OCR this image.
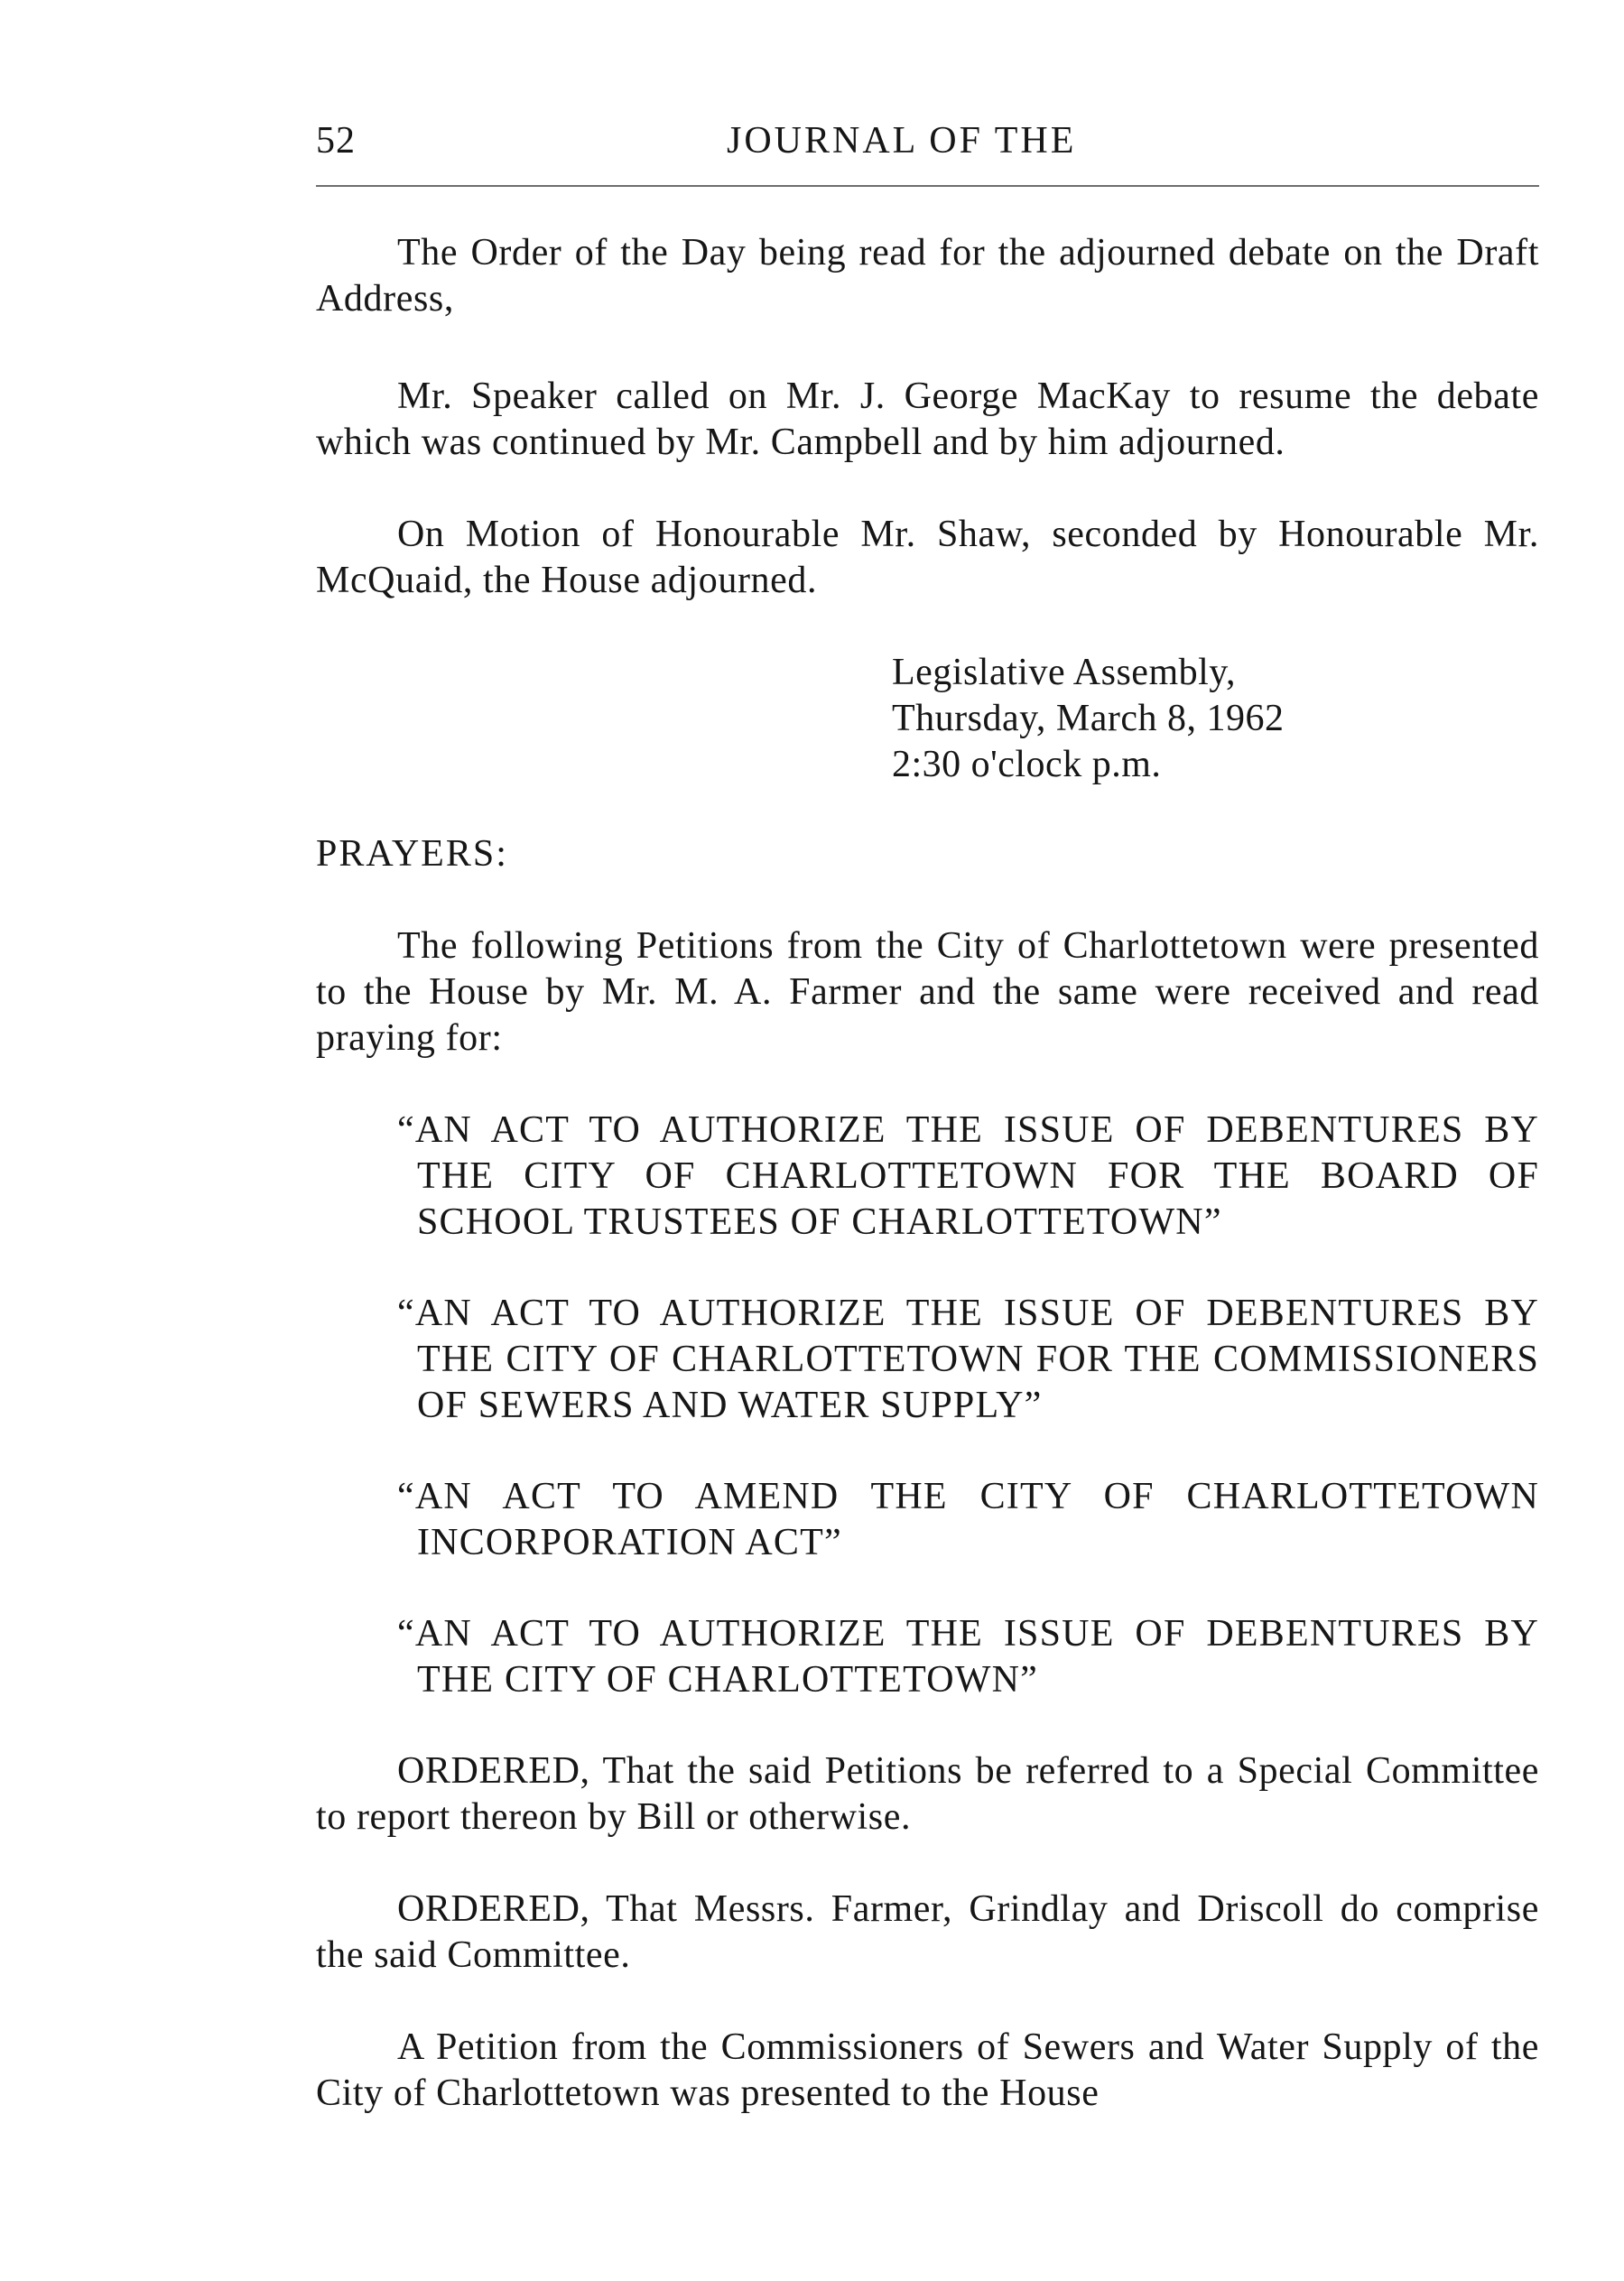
52	JOURNAL OF THE

The Order of the Day being read for the adjourned debate on the Draft Address,

Mr. Speaker called on Mr. J. George MacKay to resume the debate which was continued by Mr. Campbell and by him adjourned.

On Motion of Honourable Mr. Shaw, seconded by Honourable Mr. McQuaid, the House adjourned.

Legislative Assembly,
Thursday, March 8, 1962
2:30 o'clock p.m.
PRAYERS:

The following Petitions from the City of Charlottetown were presented to the House by Mr. M. A. Farmer and the same were received and read praying for:

“AN ACT TO AUTHORIZE THE ISSUE OF DEBENTURES BY THE CITY OF CHARLOTTETOWN FOR THE BOARD OF SCHOOL TRUSTEES OF CHARLOTTETOWN”
“AN ACT TO AUTHORIZE THE ISSUE OF DEBENTURES BY THE CITY OF CHARLOTTETOWN FOR THE COMMISSIONERS OF SEWERS AND WATER SUPPLY”
“AN ACT TO AMEND THE CITY OF CHARLOTTETOWN INCORPORATION ACT”
“AN ACT TO AUTHORIZE THE ISSUE OF DEBENTURES BY THE CITY OF CHARLOTTETOWN”

ORDERED, That the said Petitions be referred to a Special Committee to report thereon by Bill or otherwise.

ORDERED, That Messrs. Farmer, Grindlay and Driscoll do comprise the said Committee.

A Petition from the Commissioners of Sewers and Water Supply of the City of Charlottetown was presented to the House
